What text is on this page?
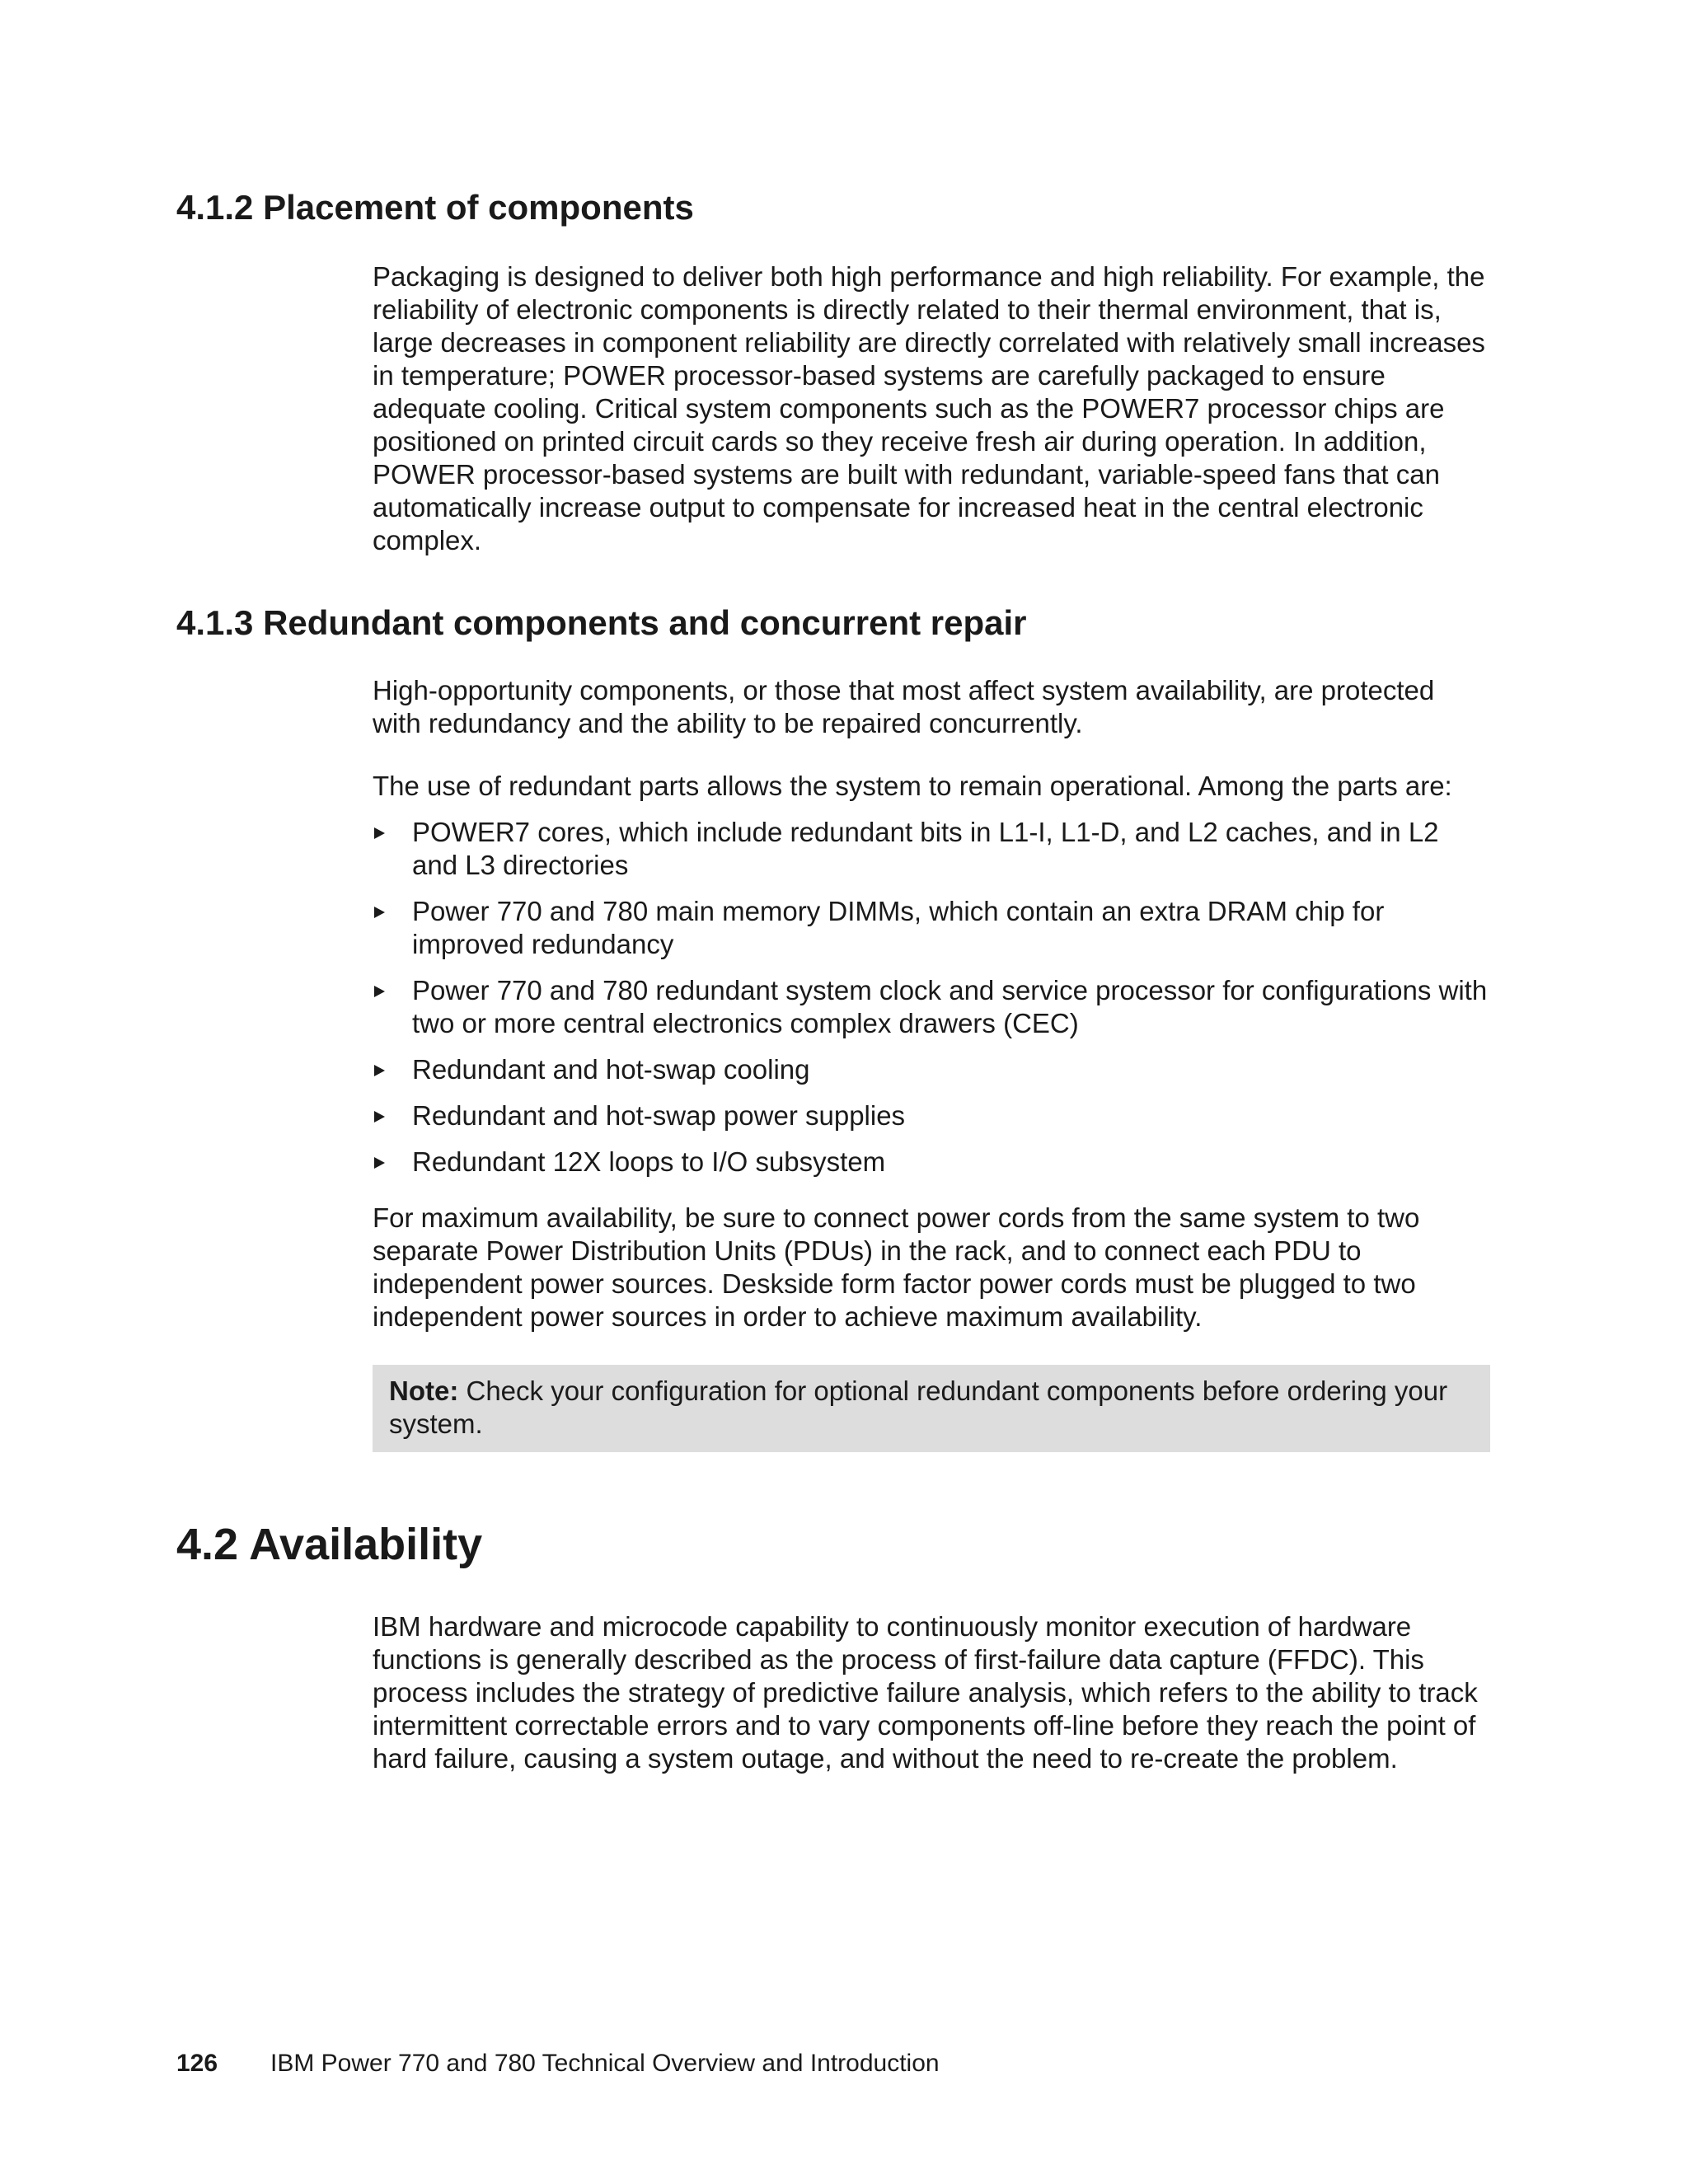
4.1.2 Placement of components

Packaging is designed to deliver both high performance and high reliability. For example, the reliability of electronic components is directly related to their thermal environment, that is, large decreases in component reliability are directly correlated with relatively small increases in temperature; POWER processor-based systems are carefully packaged to ensure adequate cooling. Critical system components such as the POWER7 processor chips are positioned on printed circuit cards so they receive fresh air during operation. In addition, POWER processor-based systems are built with redundant, variable-speed fans that can automatically increase output to compensate for increased heat in the central electronic complex.

4.1.3 Redundant components and concurrent repair

High-opportunity components, or those that most affect system availability, are protected with redundancy and the ability to be repaired concurrently.

The use of redundant parts allows the system to remain operational. Among the parts are:

POWER7 cores, which include redundant bits in L1-I, L1-D, and L2 caches, and in L2 and L3 directories
Power 770 and 780 main memory DIMMs, which contain an extra DRAM chip for improved redundancy
Power 770 and 780 redundant system clock and service processor for configurations with two or more central electronics complex drawers (CEC)
Redundant and hot-swap cooling
Redundant and hot-swap power supplies
Redundant 12X loops to I/O subsystem

For maximum availability, be sure to connect power cords from the same system to two separate Power Distribution Units (PDUs) in the rack, and to connect each PDU to independent power sources. Deskside form factor power cords must be plugged to two independent power sources in order to achieve maximum availability.

Note: Check your configuration for optional redundant components before ordering your system.
4.2 Availability

IBM hardware and microcode capability to continuously monitor execution of hardware functions is generally described as the process of first-failure data capture (FFDC). This process includes the strategy of predictive failure analysis, which refers to the ability to track intermittent correctable errors and to vary components off-line before they reach the point of hard failure, causing a system outage, and without the need to re-create the problem.

126 IBM Power 770 and 780 Technical Overview and Introduction
